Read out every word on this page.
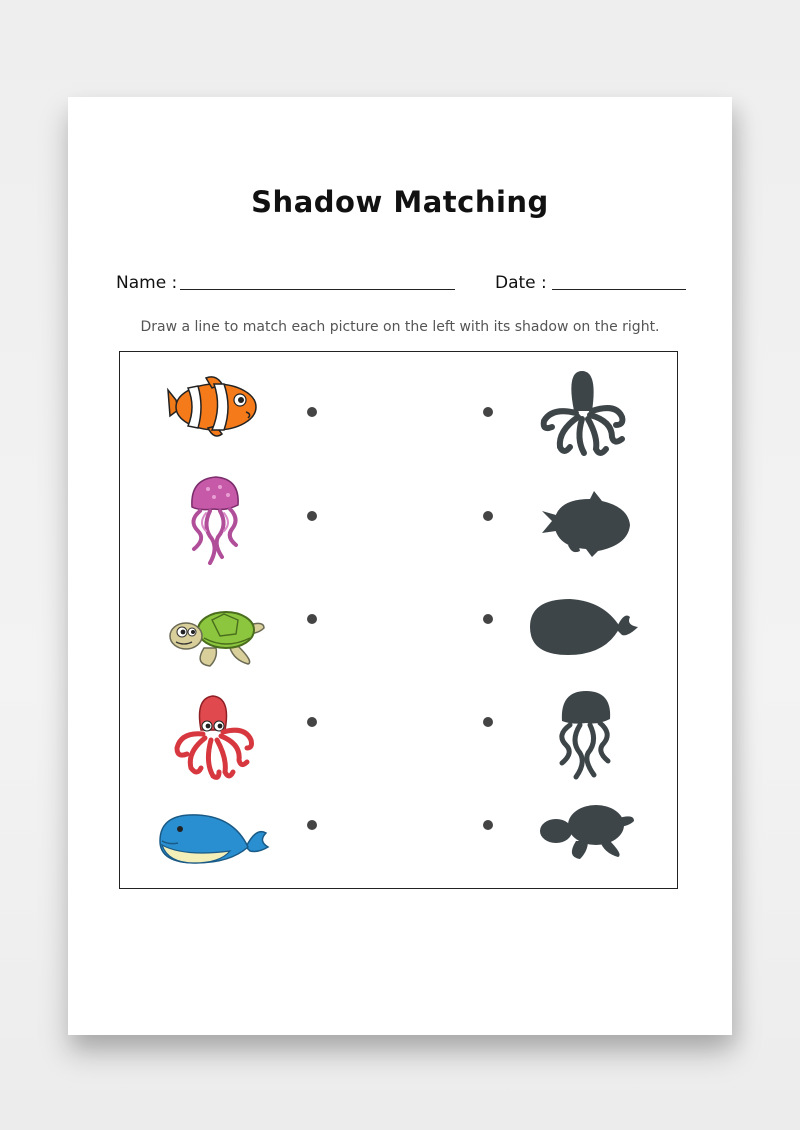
Shadow Matching
Name :	Date :
Draw a line to match each picture on the left with its shadow on the right.
